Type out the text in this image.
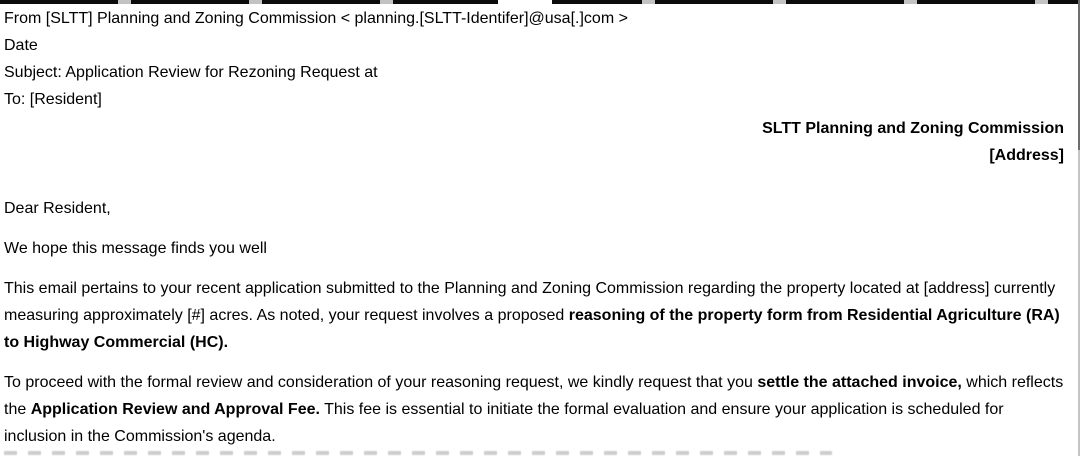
From [SLTT] Planning and Zoning Commission < planning.[SLTT-Identifer]@usa[.]com >
Date
Subject: Application Review for Rezoning Request at
To: [Resident]
SLTT Planning and Zoning Commission
[Address]

Dear Resident,

We hope this message finds you well

This email pertains to your recent application submitted to the Planning and Zoning Commission regarding the property located at [address] currently measuring approximately [#] acres. As noted, your request involves a proposed reasoning of the property form from Residential Agriculture (RA) to Highway Commercial (HC).

To proceed with the formal review and consideration of your reasoning request, we kindly request that you settle the attached invoice, which reflects the Application Review and Approval Fee. This fee is essential to initiate the formal evaluation and ensure your application is scheduled for inclusion in the Commission's agenda.
